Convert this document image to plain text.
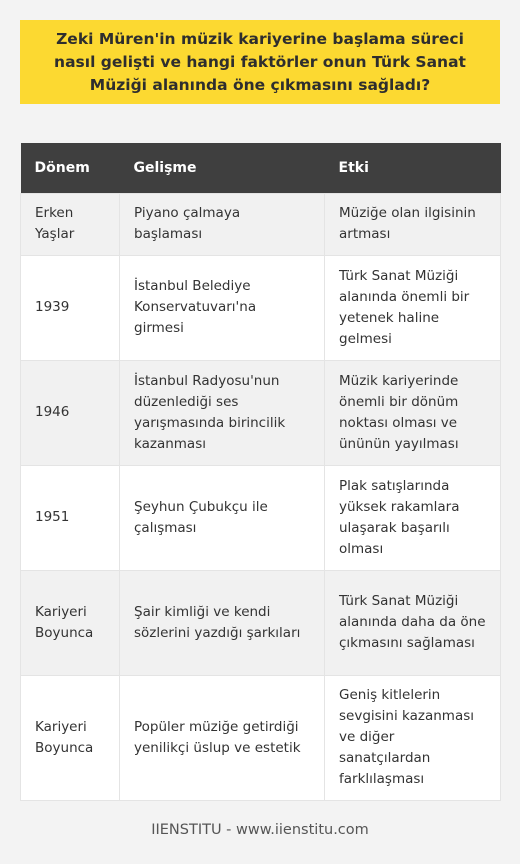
Zeki Müren'in müzik kariyerine başlama süreci nasıl gelişti ve hangi faktörler onun Türk Sanat Müziği alanında öne çıkmasını sağladı?
Dönem	Gelişme	Etki
Erken Yaşlar	Piyano çalmaya başlaması	Müziğe olan ilgisinin artması
1939	İstanbul Belediye Konservatuvarı'na girmesi	Türk Sanat Müziği alanında önemli bir yetenek haline gelmesi
1946	İstanbul Radyosu'nun düzenlediği ses yarışmasında birincilik kazanması	Müzik kariyerinde önemli bir dönüm noktası olması ve ününün yayılması
1951	Şeyhun Çubukçu ile çalışması	Plak satışlarında yüksek rakamlara ulaşarak başarılı olması
Kariyeri Boyunca	Şair kimliği ve kendi sözlerini yazdığı şarkıları	Türk Sanat Müziği alanında daha da öne çıkmasını sağlaması
Kariyeri Boyunca	Popüler müziğe getirdiği yenilikçi üslup ve estetik	Geniş kitlelerin sevgisini kazanması ve diğer sanatçılardan farklılaşması
IIENSTITU - www.iienstitu.com
